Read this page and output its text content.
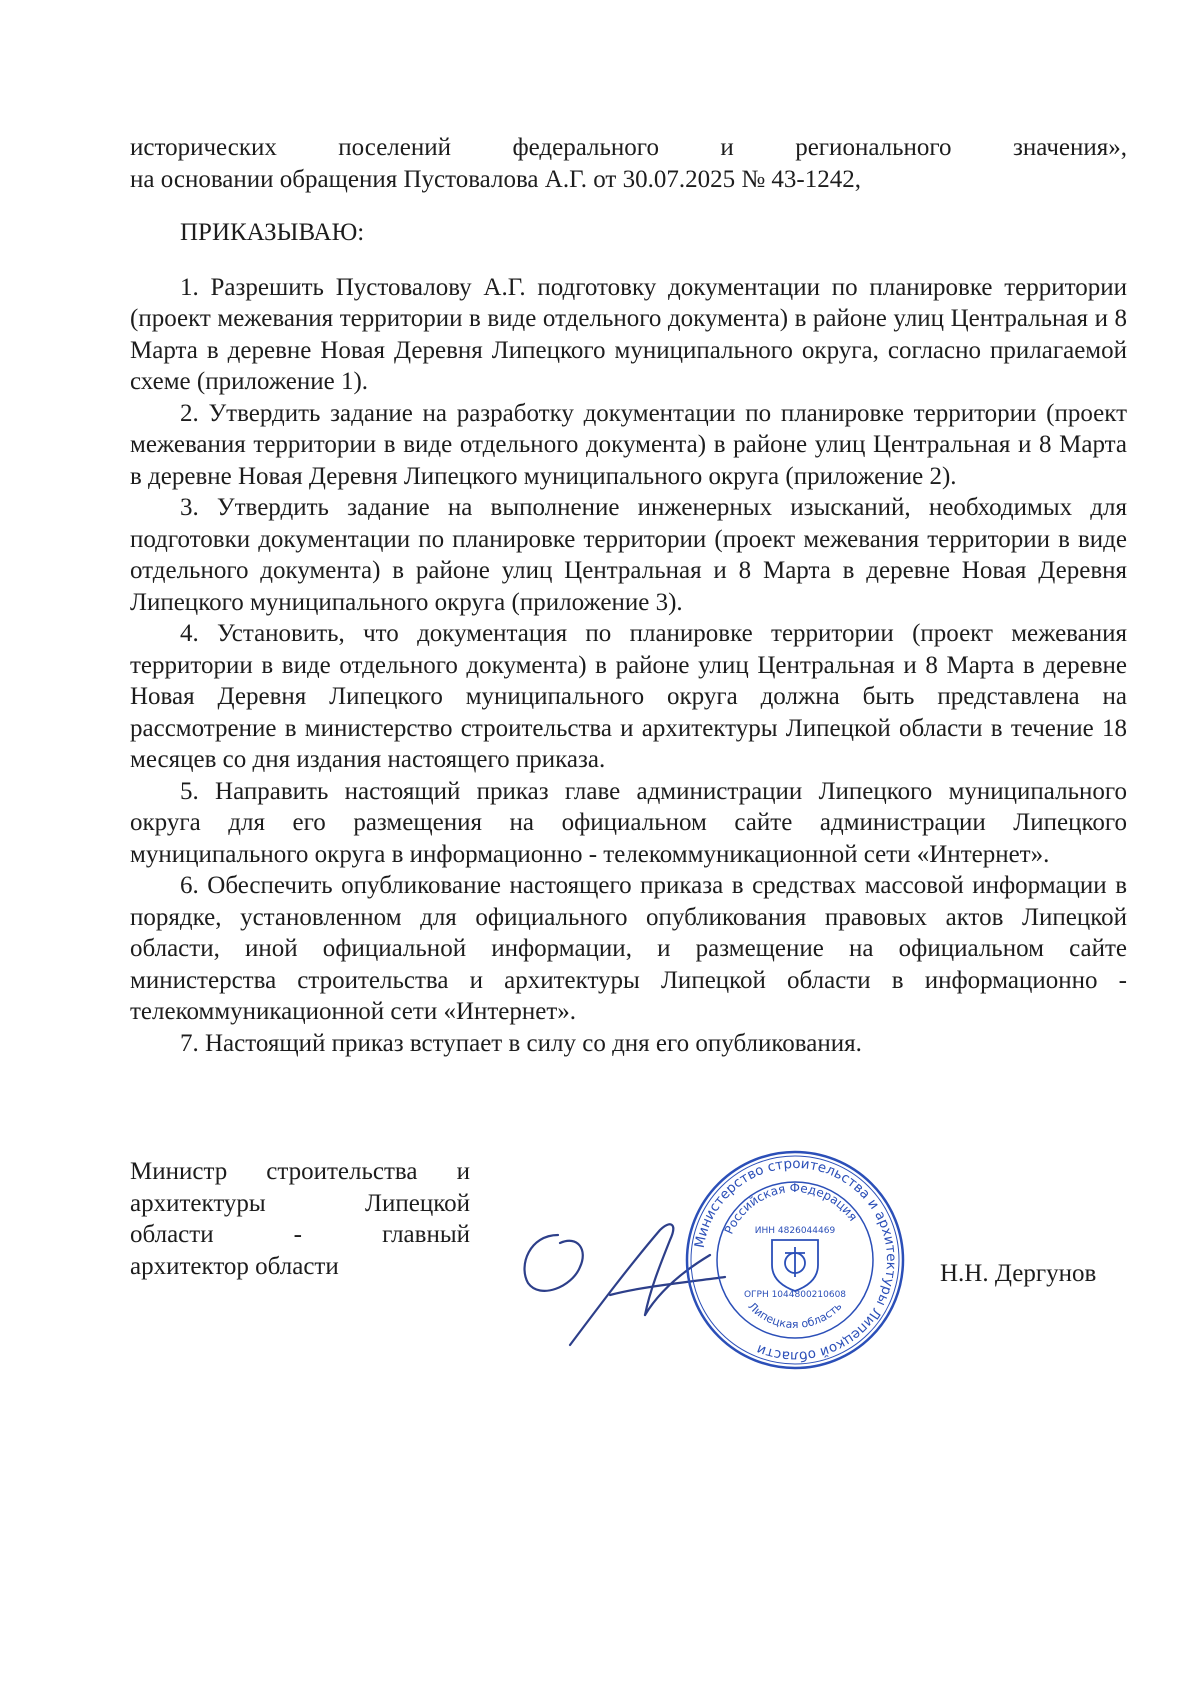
исторических поселений федерального и регионального значения»,
на основании обращения Пустовалова А.Г. от 30.07.2025 № 43-1242,

ПРИКАЗЫВАЮ:

1. Разрешить Пустовалову А.Г. подготовку документации по планировке территории (проект межевания территории в виде отдельного документа) в районе улиц Центральная и 8 Марта в деревне Новая Деревня Липецкого муниципального округа, согласно прилагаемой схеме (приложение 1).

2. Утвердить задание на разработку документации по планировке территории (проект межевания территории в виде отдельного документа) в районе улиц Центральная и 8 Марта в деревне Новая Деревня Липецкого муниципального округа (приложение 2).

3. Утвердить задание на выполнение инженерных изысканий, необходимых для подготовки документации по планировке территории (проект межевания территории в виде отдельного документа) в районе улиц Центральная и 8 Марта в деревне Новая Деревня Липецкого муниципального округа (приложение 3).

4. Установить, что документация по планировке территории (проект межевания территории в виде отдельного документа) в районе улиц Центральная и 8 Марта в деревне Новая Деревня Липецкого муниципального округа должна быть представлена на рассмотрение в министерство строительства и архитектуры Липецкой области в течение 18 месяцев со дня издания настоящего приказа.

5. Направить настоящий приказ главе администрации Липецкого муниципального округа для его размещения на официальном сайте администрации Липецкого муниципального округа в информационно - телекоммуникационной сети «Интернет».

6. Обеспечить опубликование настоящего приказа в средствах массовой информации в порядке, установленном для официального опубликования правовых актов Липецкой области, иной официальной информации, и размещение на официальном сайте министерства строительства и архитектуры Липецкой области в информационно - телекоммуникационной сети «Интернет».

7. Настоящий приказ вступает в силу со дня его опубликования.

Министр строительства и
архитектуры Липецкой
области - главный
архитектор области
Министерство строительства и архитектуры Липецкой области
Российская Федерация
Липецкая область
ИНН 4826044469
ОГРН 1044800210608
Н.Н. Дергунов
